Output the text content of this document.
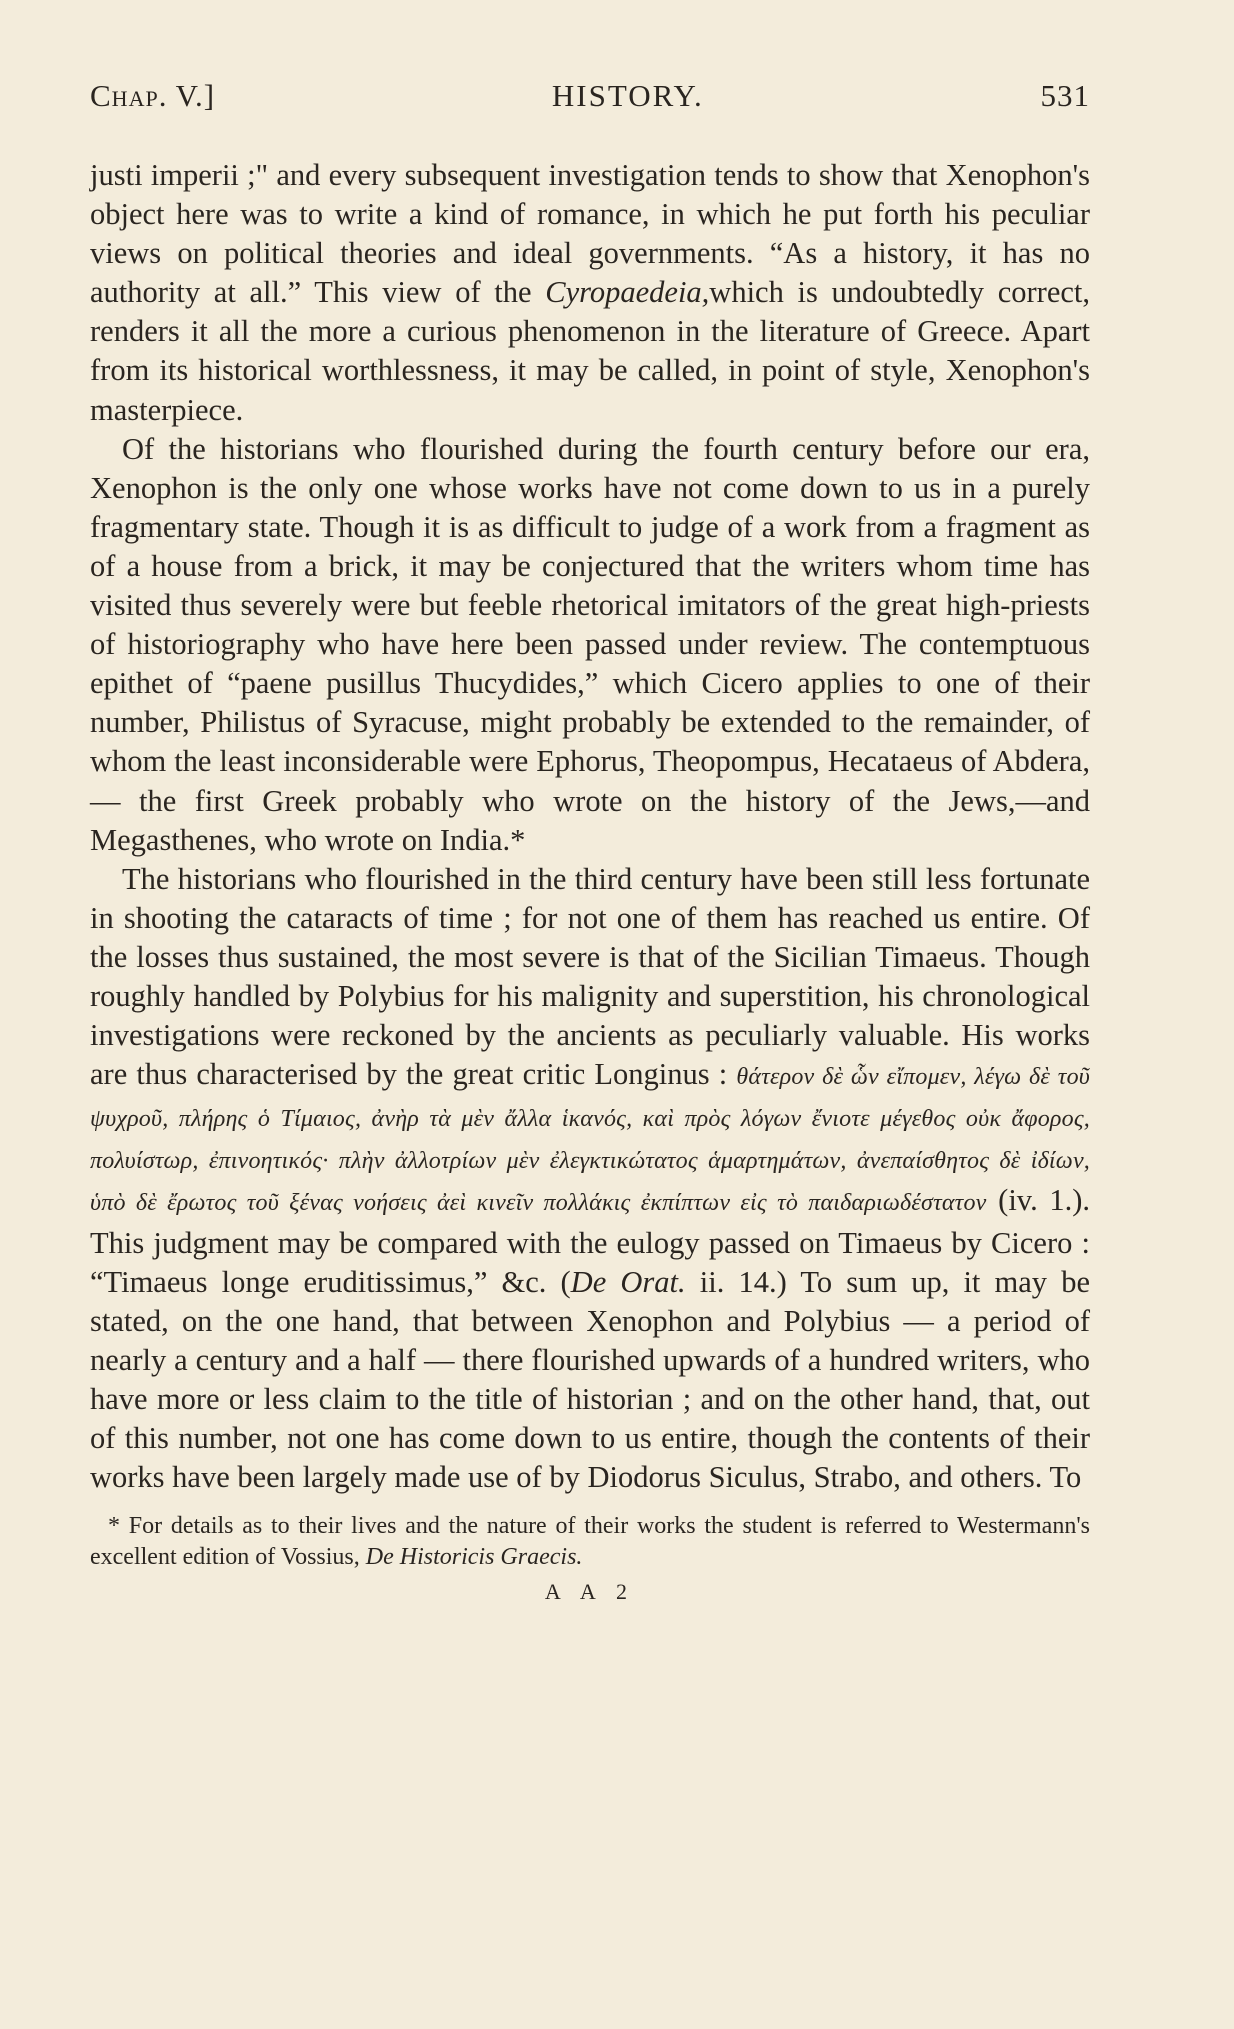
Chap. V.]	HISTORY.	531

justi imperii ;" and every subsequent investigation tends to show that Xenophon's object here was to write a kind of romance, in which he put forth his peculiar views on political theories and ideal governments. “As a history, it has no authority at all.” This view of the Cyropaedeia,which is undoubtedly correct, renders it all the more a curious phenomenon in the literature of Greece. Apart from its historical worthlessness, it may be called, in point of style, Xenophon's masterpiece.

Of the historians who flourished during the fourth century before our era, Xenophon is the only one whose works have not come down to us in a purely fragmentary state. Though it is as difficult to judge of a work from a fragment as of a house from a brick, it may be conjectured that the writers whom time has visited thus severely were but feeble rhetorical imitators of the great high-priests of historiography who have here been passed under review. The contemptuous epithet of “paene pusillus Thucydides,” which Cicero applies to one of their number, Philistus of Syracuse, might probably be extended to the remainder, of whom the least inconsiderable were Ephorus, Theopompus, Hecataeus of Abdera,— the first Greek probably who wrote on the history of the Jews,—and Megasthenes, who wrote on India.*

The historians who flourished in the third century have been still less fortunate in shooting the cataracts of time ; for not one of them has reached us entire. Of the losses thus sustained, the most severe is that of the Sicilian Timaeus. Though roughly handled by Polybius for his malignity and superstition, his chronological investigations were reckoned by the ancients as peculiarly valuable. His works are thus characterised by the great critic Longinus : θάτερον δὲ ὧν εἴπομεν, λέγω δὲ τοῦ ψυχροῦ, πλήρης ὁ Τίμαιος, ἀνὴρ τὰ μὲν ἄλλα ἱκανός, καὶ πρὸς λόγων ἔνιοτε μέγεθος οὐκ ἄφορος, πολυίστωρ, ἐπινοητικός· πλὴν ἀλλοτρίων μὲν ἐλεγκτικώτατος ἁμαρτημάτων, ἀνεπαίσθητος δὲ ἰδίων, ὑπὸ δὲ ἔρωτος τοῦ ξένας νοήσεις ἀεὶ κινεῖν πολλάκις ἐκπίπτων εἰς τὸ παιδαριωδέστατον (iv. 1.). This judgment may be compared with the eulogy passed on Timaeus by Cicero : “Timaeus longe eruditissimus,” &c. (De Orat. ii. 14.) To sum up, it may be stated, on the one hand, that between Xenophon and Polybius — a period of nearly a century and a half — there flourished upwards of a hundred writers, who have more or less claim to the title of historian ; and on the other hand, that, out of this number, not one has come down to us entire, though the contents of their works have been largely made use of by Diodorus Siculus, Strabo, and others. To

* For details as to their lives and the nature of their works the student is referred to Westermann's excellent edition of Vossius, De Historicis Graecis.
A A 2
